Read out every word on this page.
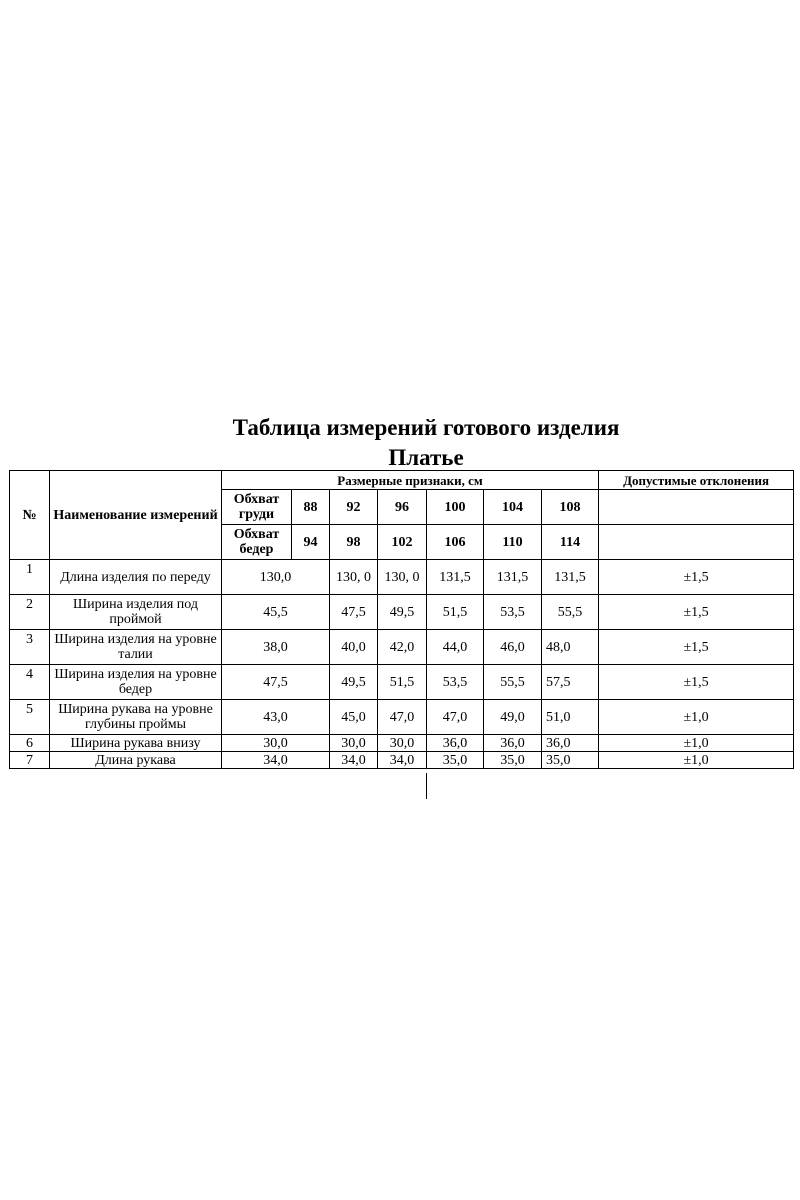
Таблица измерений готового изделия
Платье
№	Наименование измерений	Размерные признаки, см							Допустимые отклонения
		Обхват груди	88	92	96	100	104	108	
		Обхват бедер	94	98	102	106	110	114	
1	Длина изделия по переду	130,0		130, 0	130, 0	131,5	131,5	131,5	±1,5
2	Ширина изделия под проймой	45,5		47,5	49,5	51,5	53,5	55,5	±1,5
3	Ширина изделия на уровне талии	38,0		40,0	42,0	44,0	46,0	48,0	±1,5
4	Ширина изделия на уровне бедер	47,5		49,5	51,5	53,5	55,5	57,5	±1,5
5	Ширина рукава на уровне глубины проймы	43,0		45,0	47,0	47,0	49,0	51,0	±1,0
6	Ширина рукава внизу	30,0		30,0	30,0	36,0	36,0	36,0	±1,0
7	Длина рукава	34,0		34,0	34,0	35,0	35,0	35,0	±1,0
